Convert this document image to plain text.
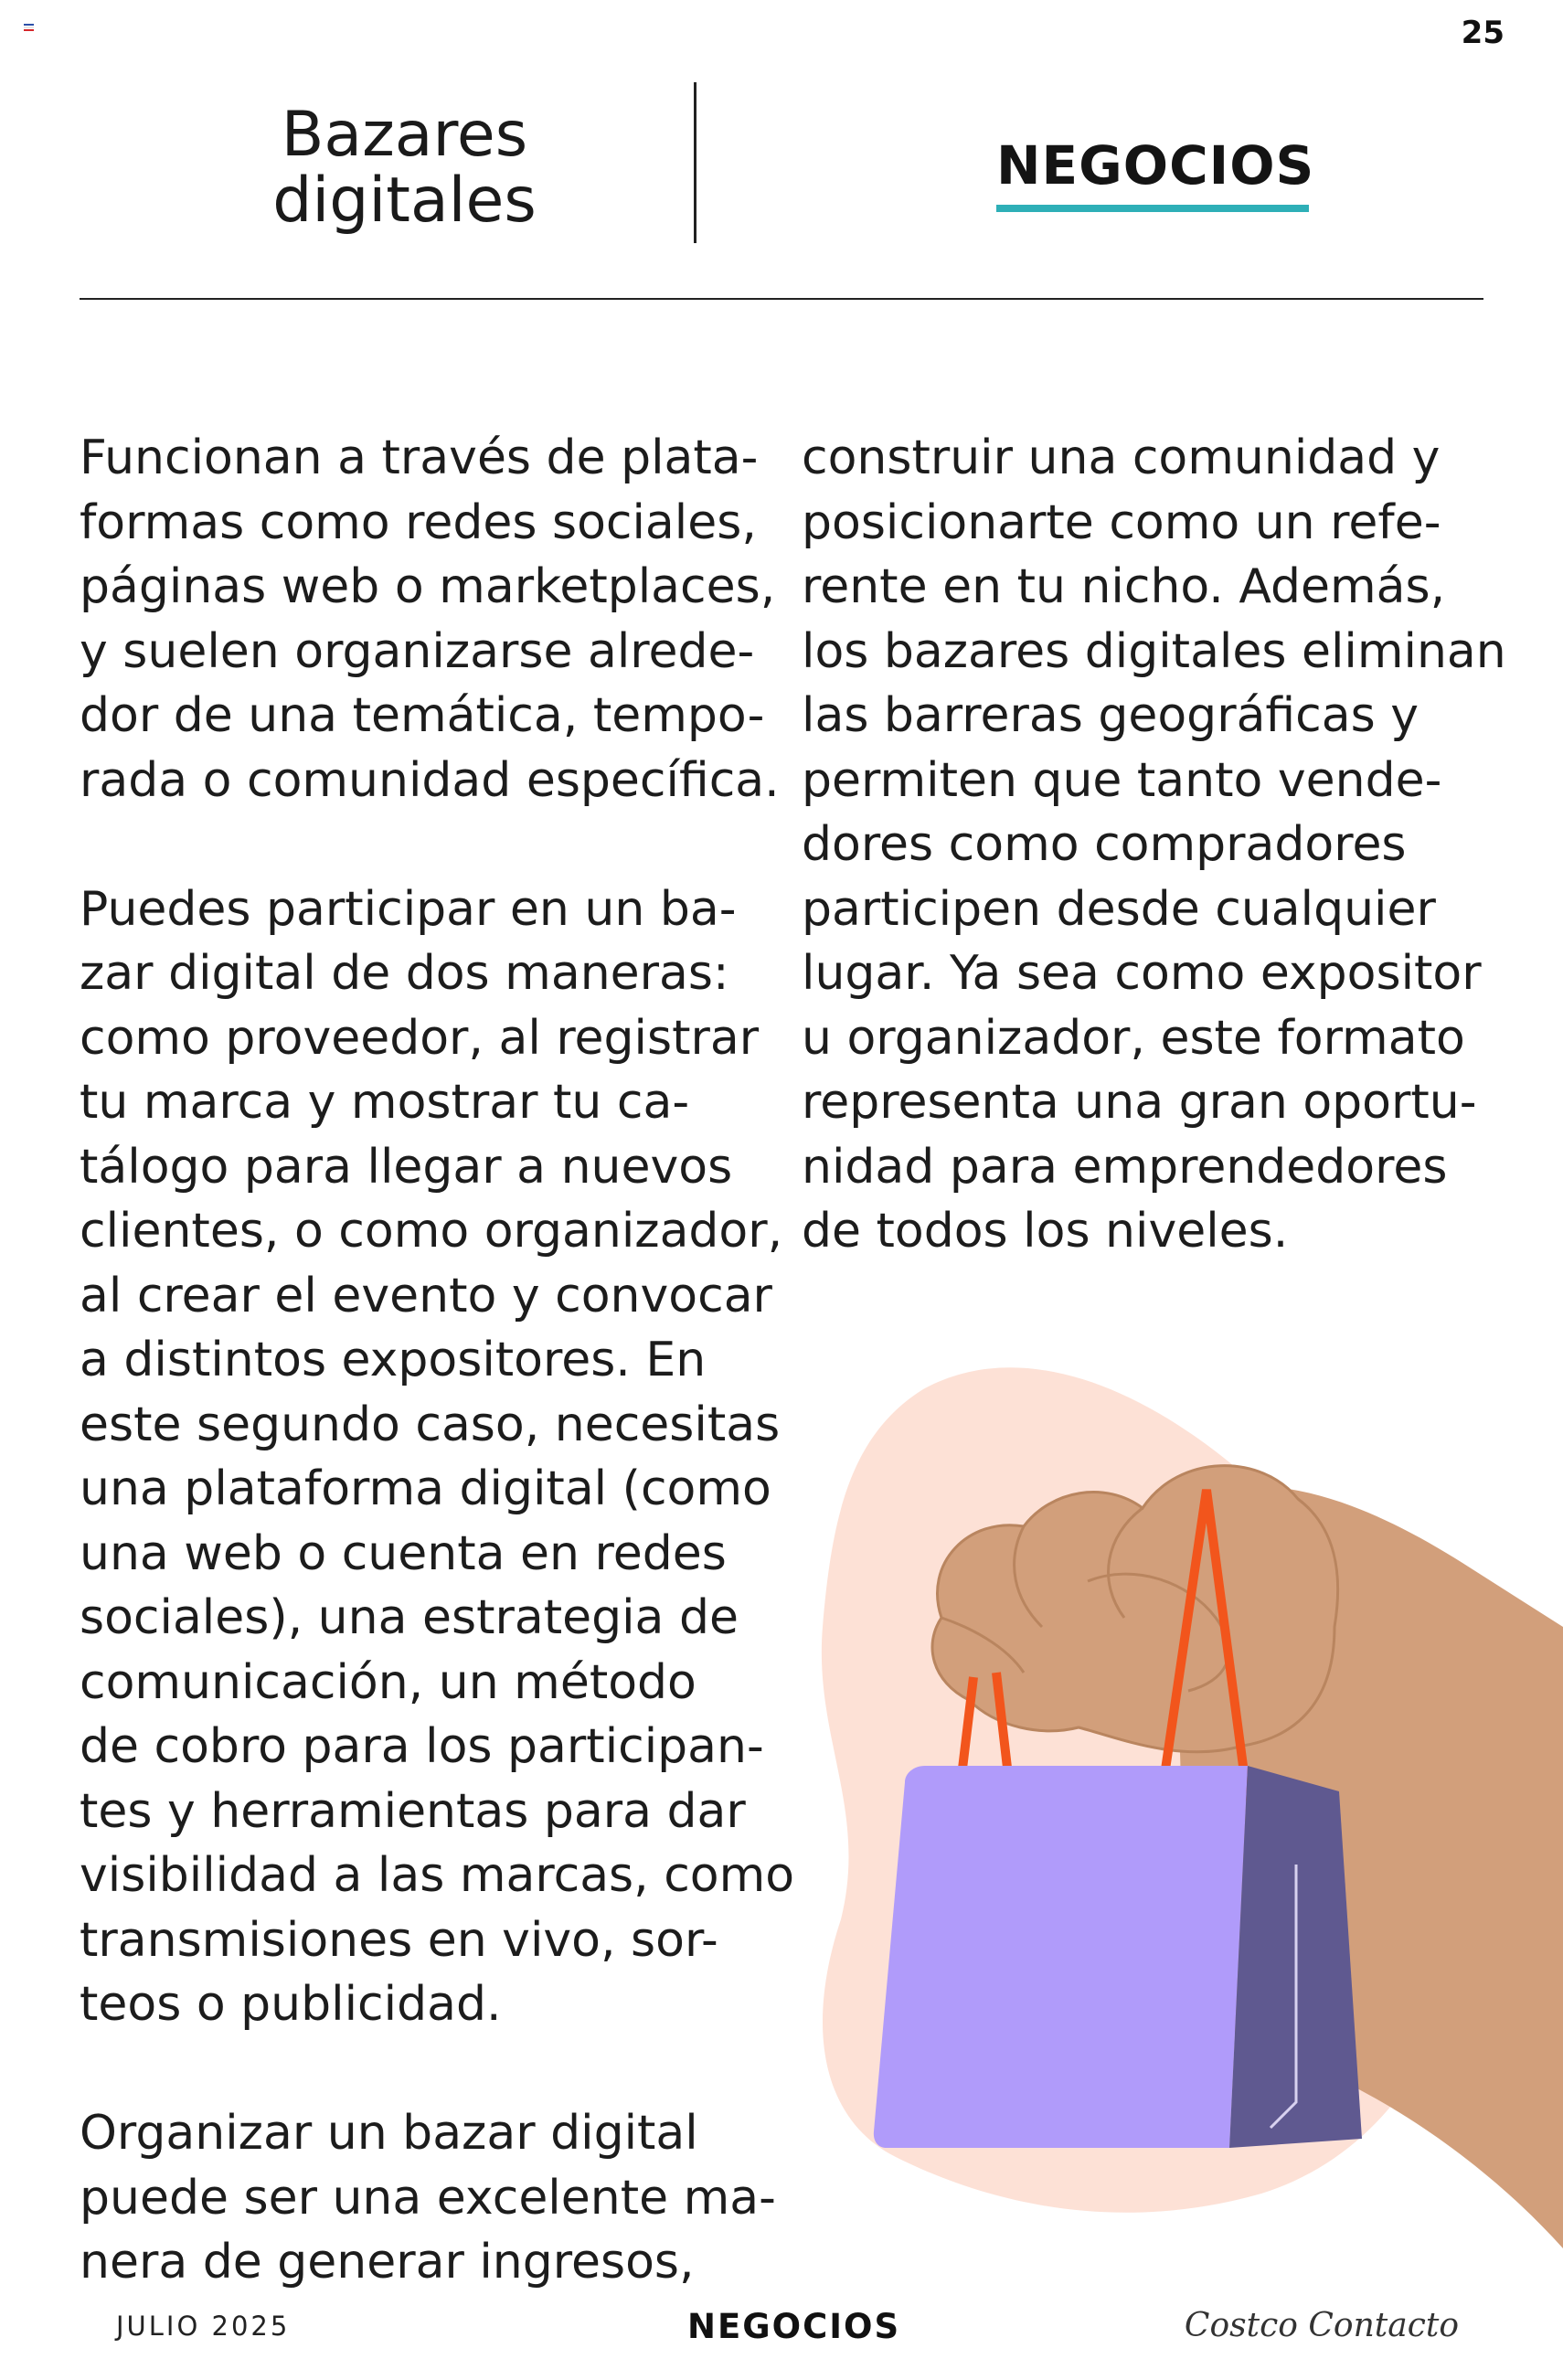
25
Bazares
digitales	NEGOCIOS

Funcionan a través de plata-
formas como redes sociales,
páginas web o marketplaces,
y suelen organizarse alrede-
dor de una temática, tempo-
rada o comunidad específica.

Puedes participar en un ba-
zar digital de dos maneras:
como proveedor, al registrar
tu marca y mostrar tu ca-
tálogo para llegar a nuevos
clientes, o como organizador,
al crear el evento y convocar
a distintos expositores. En
este segundo caso, necesitas
una plataforma digital (como
una web o cuenta en redes
sociales), una estrategia de
comunicación, un método
de cobro para los participan-
tes y herramientas para dar
visibilidad a las marcas, como
transmisiones en vivo, sor-
teos o publicidad.

Organizar un bazar digital
puede ser una excelente ma-
nera de generar ingresos,

construir una comunidad y
posicionarte como un refe-
rente en tu nicho. Además,
los bazares digitales eliminan
las barreras geográficas y
permiten que tanto vende-
dores como compradores
participen desde cualquier
lugar. Ya sea como expositor
u organizador, este formato
representa una gran oportu-
nidad para emprendedores
de todos los niveles.

JULIO 2025	NEGOCIOS	Costco Contacto
